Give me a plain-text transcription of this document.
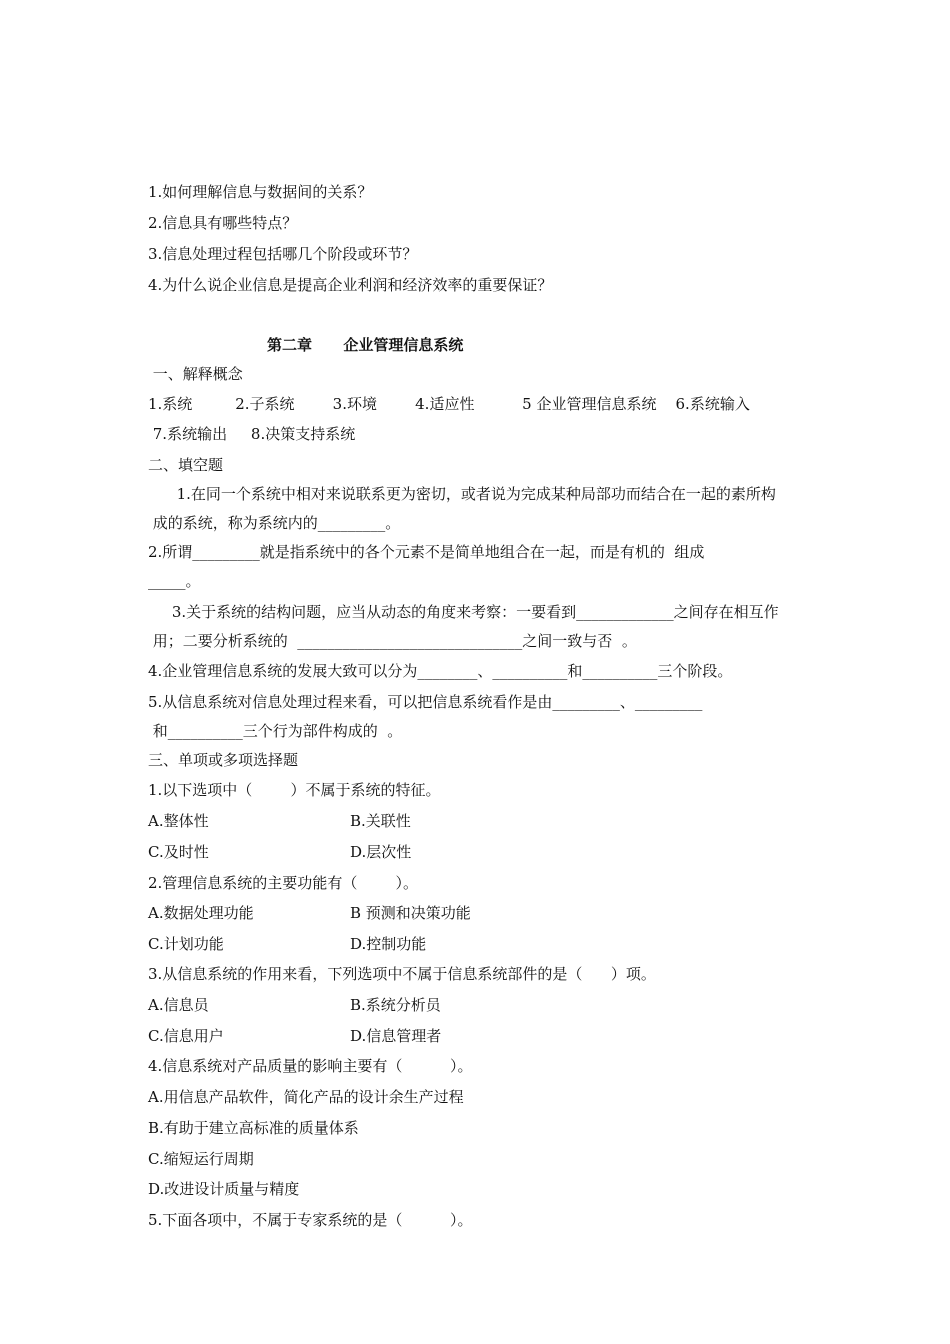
1.如何理解信息与数据间的关系？
2.信息具有哪些特点？
3.信息处理过程包括哪几个阶段或环节？
4.为什么说企业信息是提高企业利润和经济效率的重要保证？
第二章      企业管理信息系统
一、解释概念
1.系统         2.子系统        3.环境        4.适应性          5 企业管理信息系统    6.系统输入
7.系统输出     8.决策支持系统
二、填空题
1.在同一个系统中相对来说联系更为密切，或者说为完成某种局部功而结合在一起的素所构
成的系统，称为系统内的_________。
2.所谓_________就是指系统中的各个元素不是简单地组合在一起，而是有机的  组成
_____。
3.关于系统的结构问题，应当从动态的角度来考察：一要看到_____________之间存在相互作
用；二要分析系统的  ______________________________之间一致与否  。
4.企业管理信息系统的发展大致可以分为________、__________和__________三个阶段。
5.从信息系统对信息处理过程来看，可以把信息系统看作是由_________、_________
和__________三个行为部件构成的  。
三、单项或多项选择题
1.以下选项中（        ）不属于系统的特征。
A.整体性	B.关联性
C.及时性	D.层次性
2.管理信息系统的主要功能有（        ）。
A.数据处理功能	B 预测和决策功能
C.计划功能	D.控制功能
3.从信息系统的作用来看，下列选项中不属于信息系统部件的是（      ）项。
A.信息员	B.系统分析员
C.信息用户	D.信息管理者
4.信息系统对产品质量的影响主要有（          ）。
A.用信息产品软件，简化产品的设计余生产过程
B.有助于建立高标准的质量体系
C.缩短运行周期
D.改进设计质量与精度
5.下面各项中，不属于专家系统的是（          ）。
